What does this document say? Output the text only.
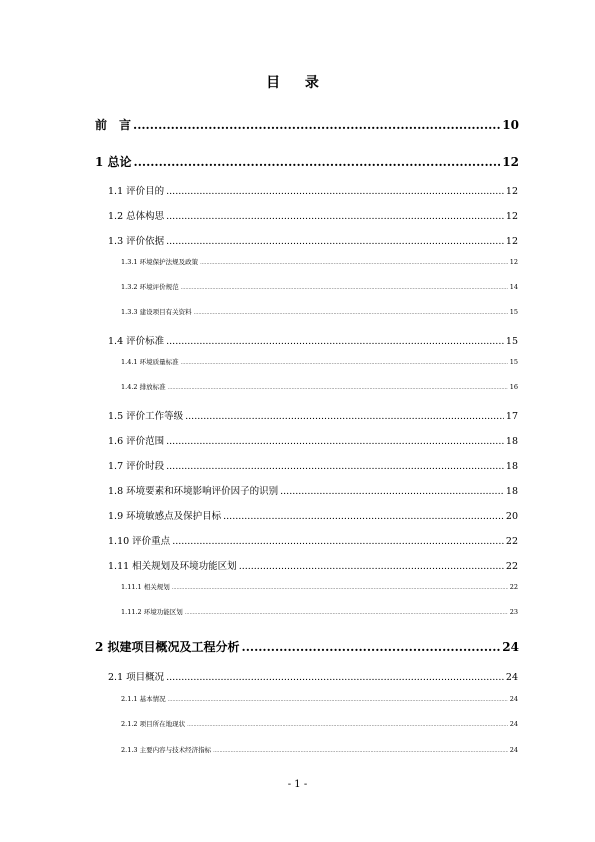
目 录
前　言 .....	10
1 总论 .....	12
1.1 评价目的 .....	12
1.2 总体构思 .....	12
1.3 评价依据 .....	12
1.3.1 环境保护法规及政策 .....	12
1.3.2 环境评价规范 .....	14
1.3.3 建设项目有关资料 .....	15
1.4 评价标准 .....	15
1.4.1 环境质量标准 .....	15
1.4.2 排放标准 .....	16
1.5 评价工作等级 .....	17
1.6 评价范围 .....	18
1.7 评价时段 .....	18
1.8 环境要素和环境影响评价因子的识别 .....	18
1.9 环境敏感点及保护目标 .....	20
1.10 评价重点 .....	22
1.11 相关规划及环境功能区划 .....	22
1.11.1 相关规划 .....	22
1.11.2 环境功能区划 .....	23
2 拟建项目概况及工程分析 .....	24
2.1 项目概况 .....	24
2.1.1 基本情况 .....	24
2.1.2 项目所在地现状 .....	24
2.1.3 主要内容与技术经济指标 .....	24
- 1 -
